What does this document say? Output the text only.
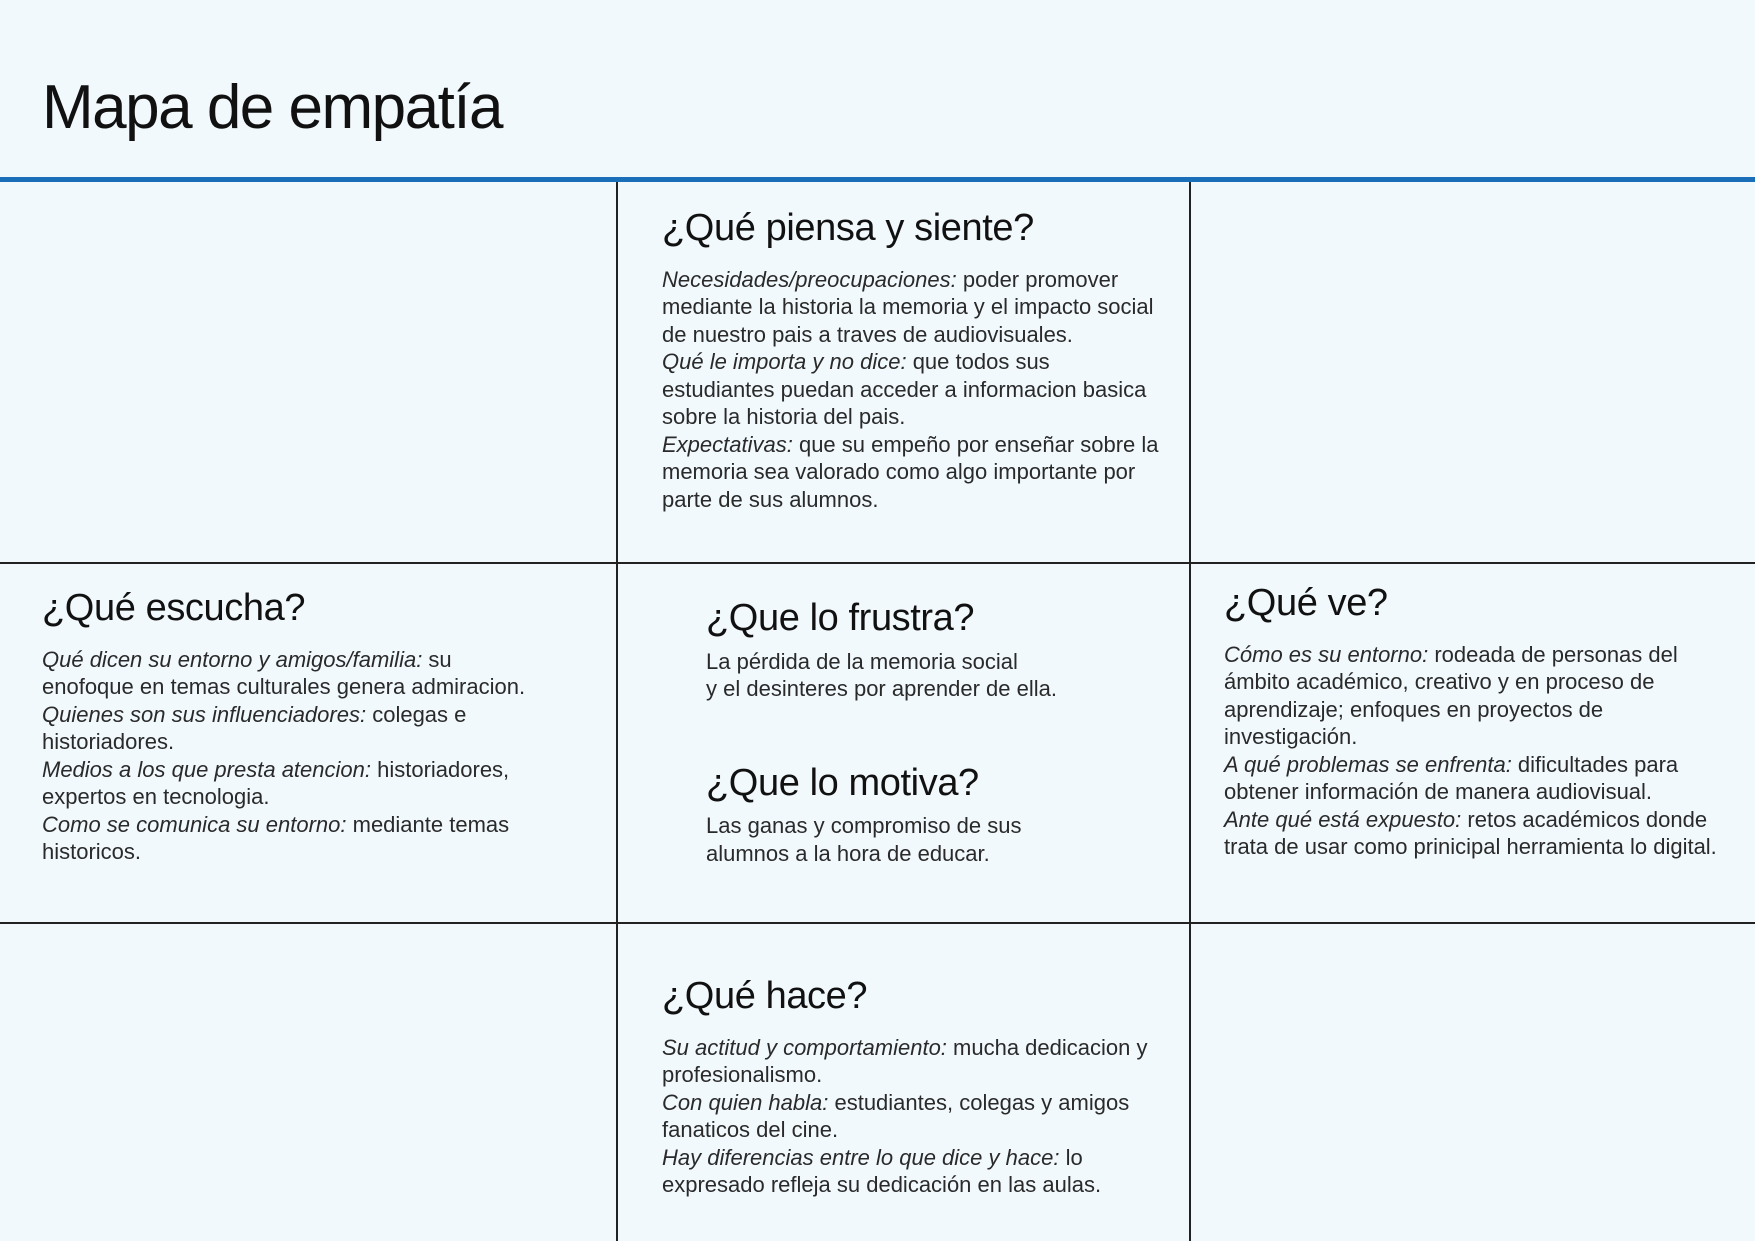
Mapa de empatía
¿Qué piensa y siente?

Necesidades/preocupaciones: poder promover mediante la historia la memoria y el impacto social de nuestro pais a traves de audiovisuales.
Qué le importa y no dice: que todos sus estudiantes puedan acceder a informacion basica sobre la historia del pais.
Expectativas: que su empeño por enseñar sobre la memoria sea valorado como algo importante por parte de sus alumnos.

¿Qué escucha?

Qué dicen su entorno y amigos/familia: su enofoque en temas culturales genera admiracion.
Quienes son sus influenciadores: colegas e historiadores.
Medios a los que presta atencion: historiadores, expertos en tecnologia.
Como se comunica su entorno: mediante temas historicos.

¿Que lo frustra?

La pérdida de la memoria social
y el desinteres por aprender de ella.

¿Que lo motiva?

Las ganas y compromiso de sus
alumnos a la hora de educar.

¿Qué ve?

Cómo es su entorno: rodeada de personas del ámbito académico, creativo y en proceso de aprendizaje; enfoques en proyectos de investigación.
A qué problemas se enfrenta: dificultades para obtener información de manera audiovisual.
Ante qué está expuesto: retos académicos donde trata de usar como prinicipal herramienta lo digital.

¿Qué hace?

Su actitud y comportamiento: mucha dedicacion y profesionalismo.
Con quien habla: estudiantes, colegas y amigos fanaticos del cine.
Hay diferencias entre lo que dice y hace: lo expresado refleja su dedicación en las aulas.
